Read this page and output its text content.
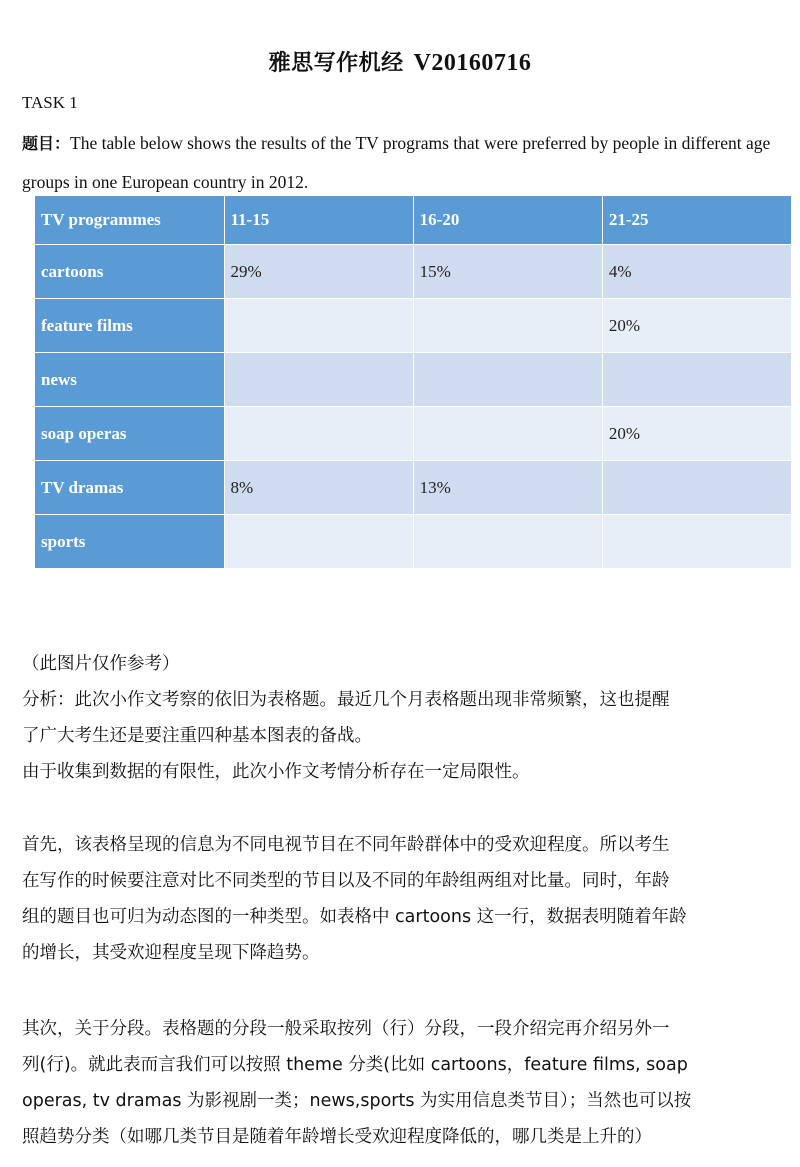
雅思写作机经 V20160716
TASK 1
题目：The table below shows the results of the TV programs that were preferred by people in different age groups in one European country in 2012.
TV programmes	11-15	16-20	21-25
cartoons	29%	15%	4%
feature films			20%
news			
soap operas			20%
TV dramas	8%	13%	
sports			

（此图片仅作参考）

分析：此次小作文考察的依旧为表格题。最近几个月表格题出现非常频繁，这也提醒

了广大考生还是要注重四种基本图表的备战。

由于收集到数据的有限性，此次小作文考情分析存在一定局限性。

首先，该表格呈现的信息为不同电视节目在不同年龄群体中的受欢迎程度。所以考生

在写作的时候要注意对比不同类型的节目以及不同的年龄组两组对比量。同时，年龄

组的题目也可归为动态图的一种类型。如表格中 cartoons 这一行，数据表明随着年龄

的增长，其受欢迎程度呈现下降趋势。

其次，关于分段。表格题的分段一般采取按列（行）分段，一段介绍完再介绍另外一

列(行)。就此表而言我们可以按照 theme 分类(比如 cartoons，feature films, soap

operas, tv dramas 为影视剧一类；news,sports 为实用信息类节目）；当然也可以按

照趋势分类（如哪几类节目是随着年龄增长受欢迎程度降低的，哪几类是上升的）
